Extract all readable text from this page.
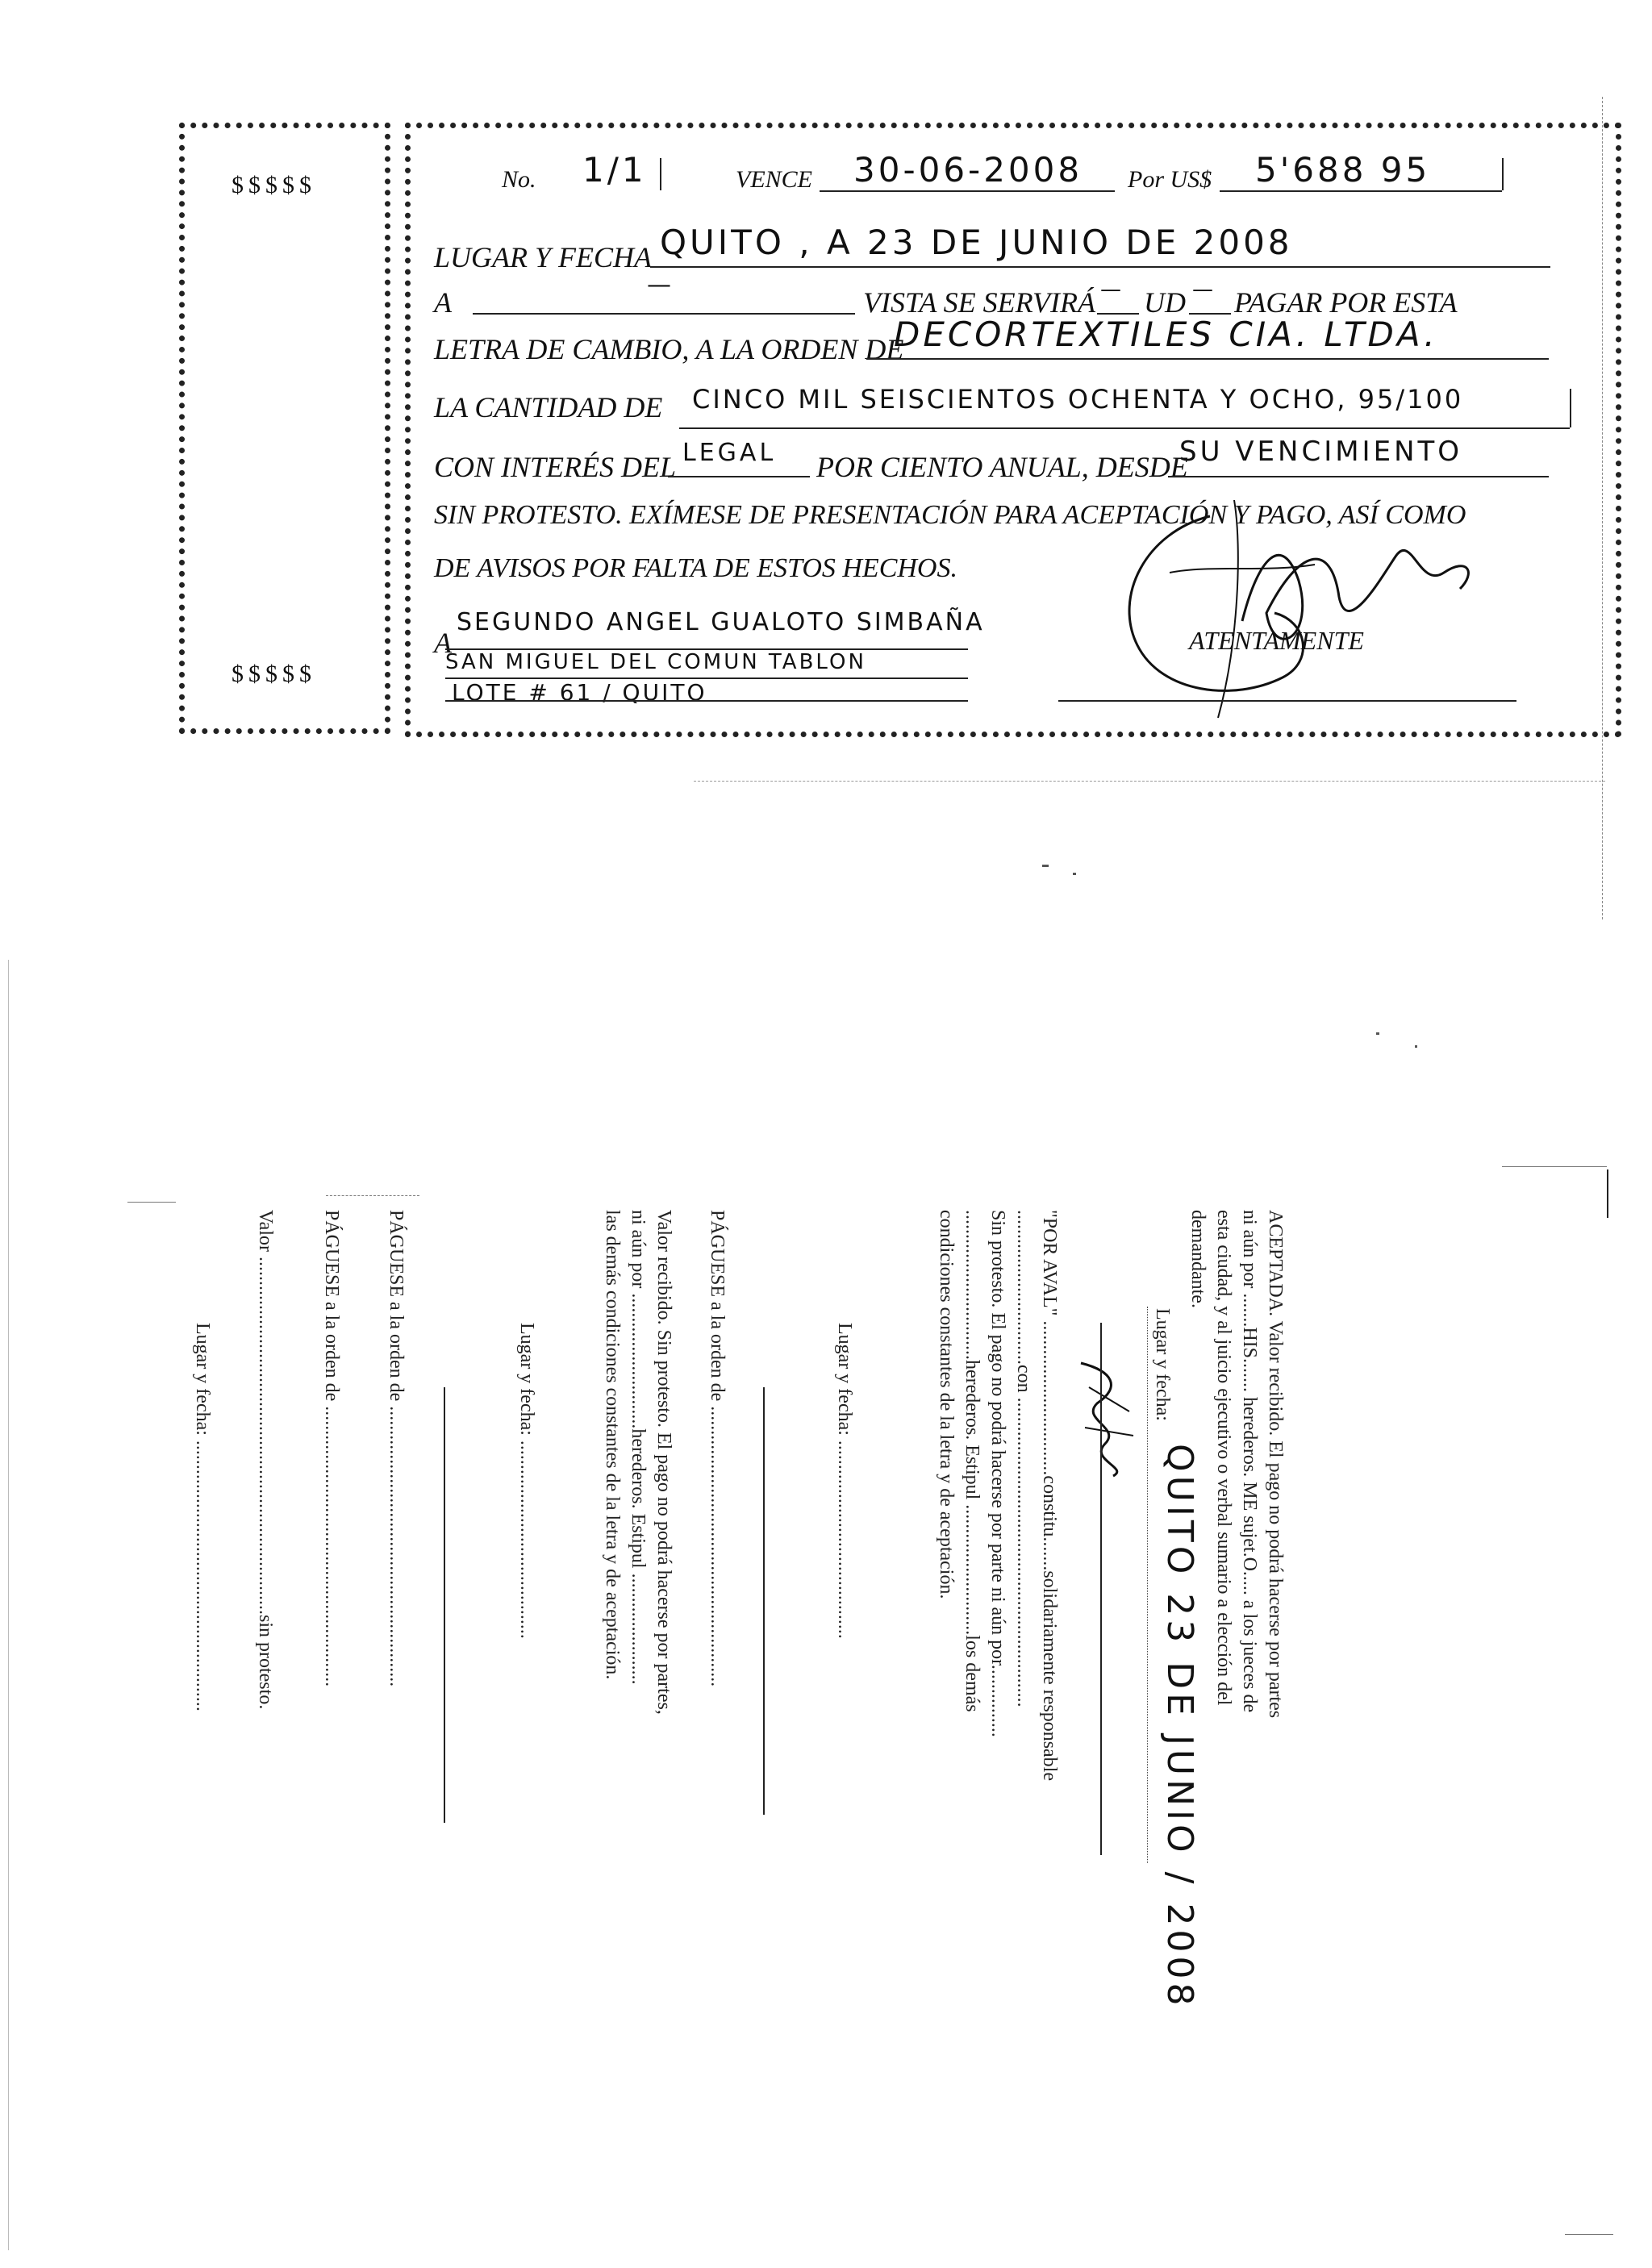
$$$$$
$$$$$
No. 1/1	VENCE 30-06-2008 Por US$ 5'688 95
LUGAR Y FECHA QUITO , A 23 DE JUNIO DE 2008
A
—
VISTA SE SERVIRÁ — UD — PAGAR POR ESTA
LETRA DE CAMBIO, A LA ORDEN DE
DECORTEXTILES CIA. LTDA.
LA CANTIDAD DE CINCO MIL SEISCIENTOS OCHENTA Y OCHO, 95/100
CON INTERÉS DEL LEGAL POR CIENTO ANUAL, DESDE
SU VENCIMIENTO
SIN PROTESTO. EXÍMESE DE PRESENTACIÓN PARA ACEPTACIÓN Y PAGO, ASÍ COMO
DE AVISOS POR FALTA DE ESTOS HECHOS.
A
SEGUNDO ANGEL GUALOTO SIMBAÑA
SAN MIGUEL DEL COMUN TABLON
LOTE # 61 / QUITO
ATENTAMENTE
ACEPTADA. Valor recibido. El pago no podrá hacerse por partes
ni aún por .......HIS....... herederos. ME sujet.O..... a los jueces de
esta ciudad, y al juicio ejecutivo o verbal sumario a elección del
demandante.
Lugar y fecha:
QUITO 23 DE JUNIO / 2008
"POR AVAL" ................................constitu.......solidariamente responsable
................................con ................................................................
Sin protesto. El pago no podrá hacerse por parte ni aún por...............
...............................herederos. Estipul ...........................los demás
condiciones constantes de la letra y de aceptación.
Lugar y fecha: .........................................
PÁGUESE a la orden de ..........................................................
Valor recibido. Sin protesto. El pago no podrá hacerse por partes,
ni aún por ............................herederos. Estipul .......................
las demás condiciones constantes de la letra y de aceptación.
Lugar y fecha: .........................................
PÁGUESE a la orden de ..........................................................
PÁGUESE a la orden de ..........................................................
Valor ..........................................................................sin protesto.
Lugar y fecha: ........................................................
